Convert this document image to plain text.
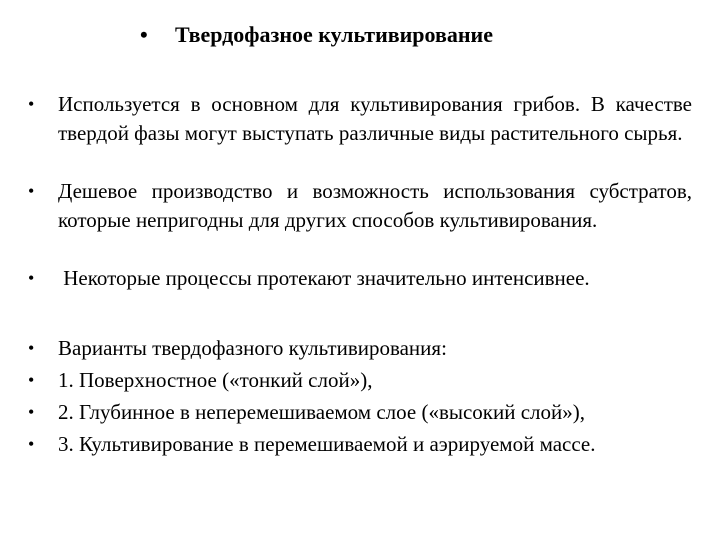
• Твердофазное культивирование
• Используется в основном для культивирования грибов. В качестве твердой фазы могут выступать различные виды растительного сырья.
• Дешевое производство и возможность использования субстратов, которые непригодны для других способов культивирования.
• Некоторые процессы протекают значительно интенсивнее.
• Варианты твердофазного культивирования:
• 1. Поверхностное («тонкий слой»),
• 2. Глубинное в неперемешиваемом слое («высокий слой»),
• 3. Культивирование в перемешиваемой и аэрируемой массе.
